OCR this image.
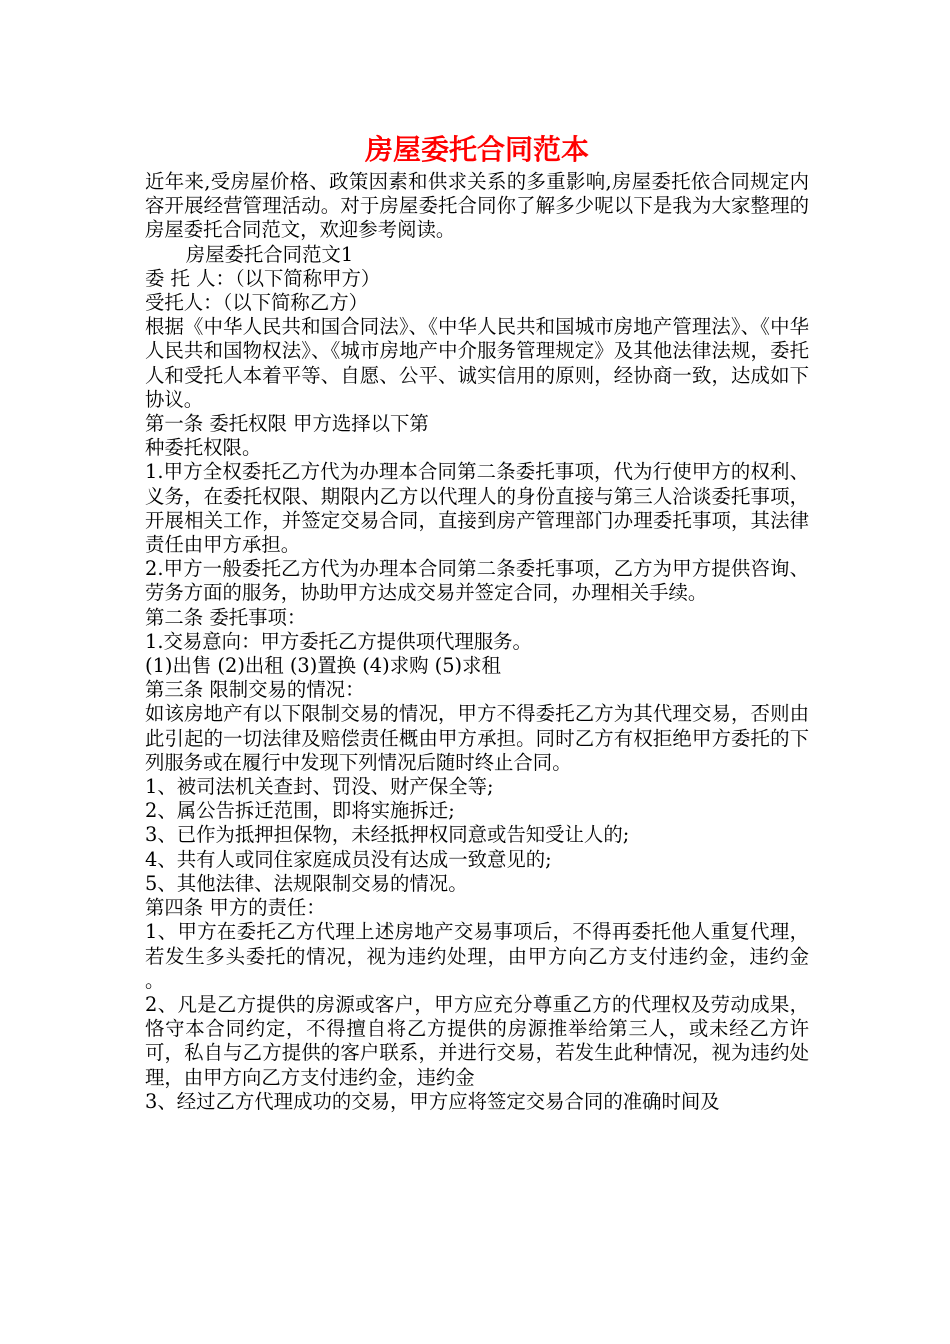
房屋委托合同范本

近年来,受房屋价格、政策因素和供求关系的多重影响,房屋委托依合同规定内容开展经营管理活动。对于房屋委托合同你了解多少呢以下是我为大家整理的房屋委托合同范文，欢迎参考阅读。

房屋委托合同范文1

委 托 人：（以下简称甲方）

受托人：（以下简称乙方）

根据《中华人民共和国合同法》、《中华人民共和国城市房地产管理法》、《中华人民共和国物权法》、《城市房地产中介服务管理规定》及其他法律法规，委托人和受托人本着平等、自愿、公平、诚实信用的原则，经协商一致，达成如下协议。

第一条 委托权限 甲方选择以下第

种委托权限。

1.甲方全权委托乙方代为办理本合同第二条委托事项，代为行使甲方的权利、义务，在委托权限、期限内乙方以代理人的身份直接与第三人洽谈委托事项，开展相关工作，并签定交易合同，直接到房产管理部门办理委托事项，其法律责任由甲方承担。

2.甲方一般委托乙方代为办理本合同第二条委托事项，乙方为甲方提供咨询、劳务方面的服务，协助甲方达成交易并签定合同，办理相关手续。

第二条 委托事项：

1.交易意向：甲方委托乙方提供项代理服务。

(1)出售 (2)出租 (3)置换 (4)求购 (5)求租

第三条 限制交易的情况：

如该房地产有以下限制交易的情况，甲方不得委托乙方为其代理交易，否则由此引起的一切法律及赔偿责任概由甲方承担。同时乙方有权拒绝甲方委托的下列服务或在履行中发现下列情况后随时终止合同。

1、被司法机关查封、罚没、财产保全等;

2、属公告拆迁范围，即将实施拆迁;

3、已作为抵押担保物，未经抵押权同意或告知受让人的;

4、共有人或同住家庭成员没有达成一致意见的;

5、其他法律、法规限制交易的情况。

第四条 甲方的责任：

1、甲方在委托乙方代理上述房地产交易事项后，不得再委托他人重复代理，若发生多头委托的情况，视为违约处理，由甲方向乙方支付违约金，违约金 。

2、凡是乙方提供的房源或客户，甲方应充分尊重乙方的代理权及劳动成果，恪守本合同约定，不得擅自将乙方提供的房源推举给第三人，或未经乙方许可，私自与乙方提供的客户联系，并进行交易，若发生此种情况，视为违约处理，由甲方向乙方支付违约金，违约金

3、经过乙方代理成功的交易，甲方应将签定交易合同的准确时间及
